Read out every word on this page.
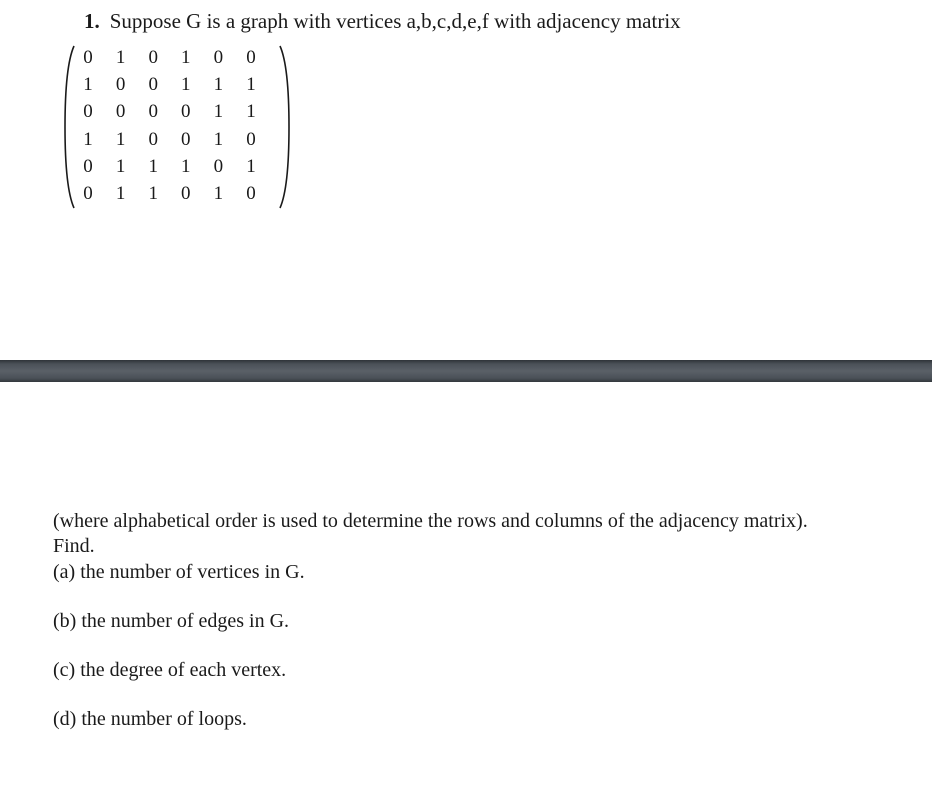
1. Suppose G is a graph with vertices a,b,c,d,e,f with adjacency matrix
0 1 0 1 0 0
1 0 0 1 1 1
0 0 0 0 1 1
1 1 0 0 1 0
0 1 1 1 0 1
0 1 1 0 1 0
(where alphabetical order is used to determine the rows and columns of the adjacency matrix).
Find.
(a) the number of vertices in G.
(b) the number of edges in G.
(c) the degree of each vertex.
(d) the number of loops.
